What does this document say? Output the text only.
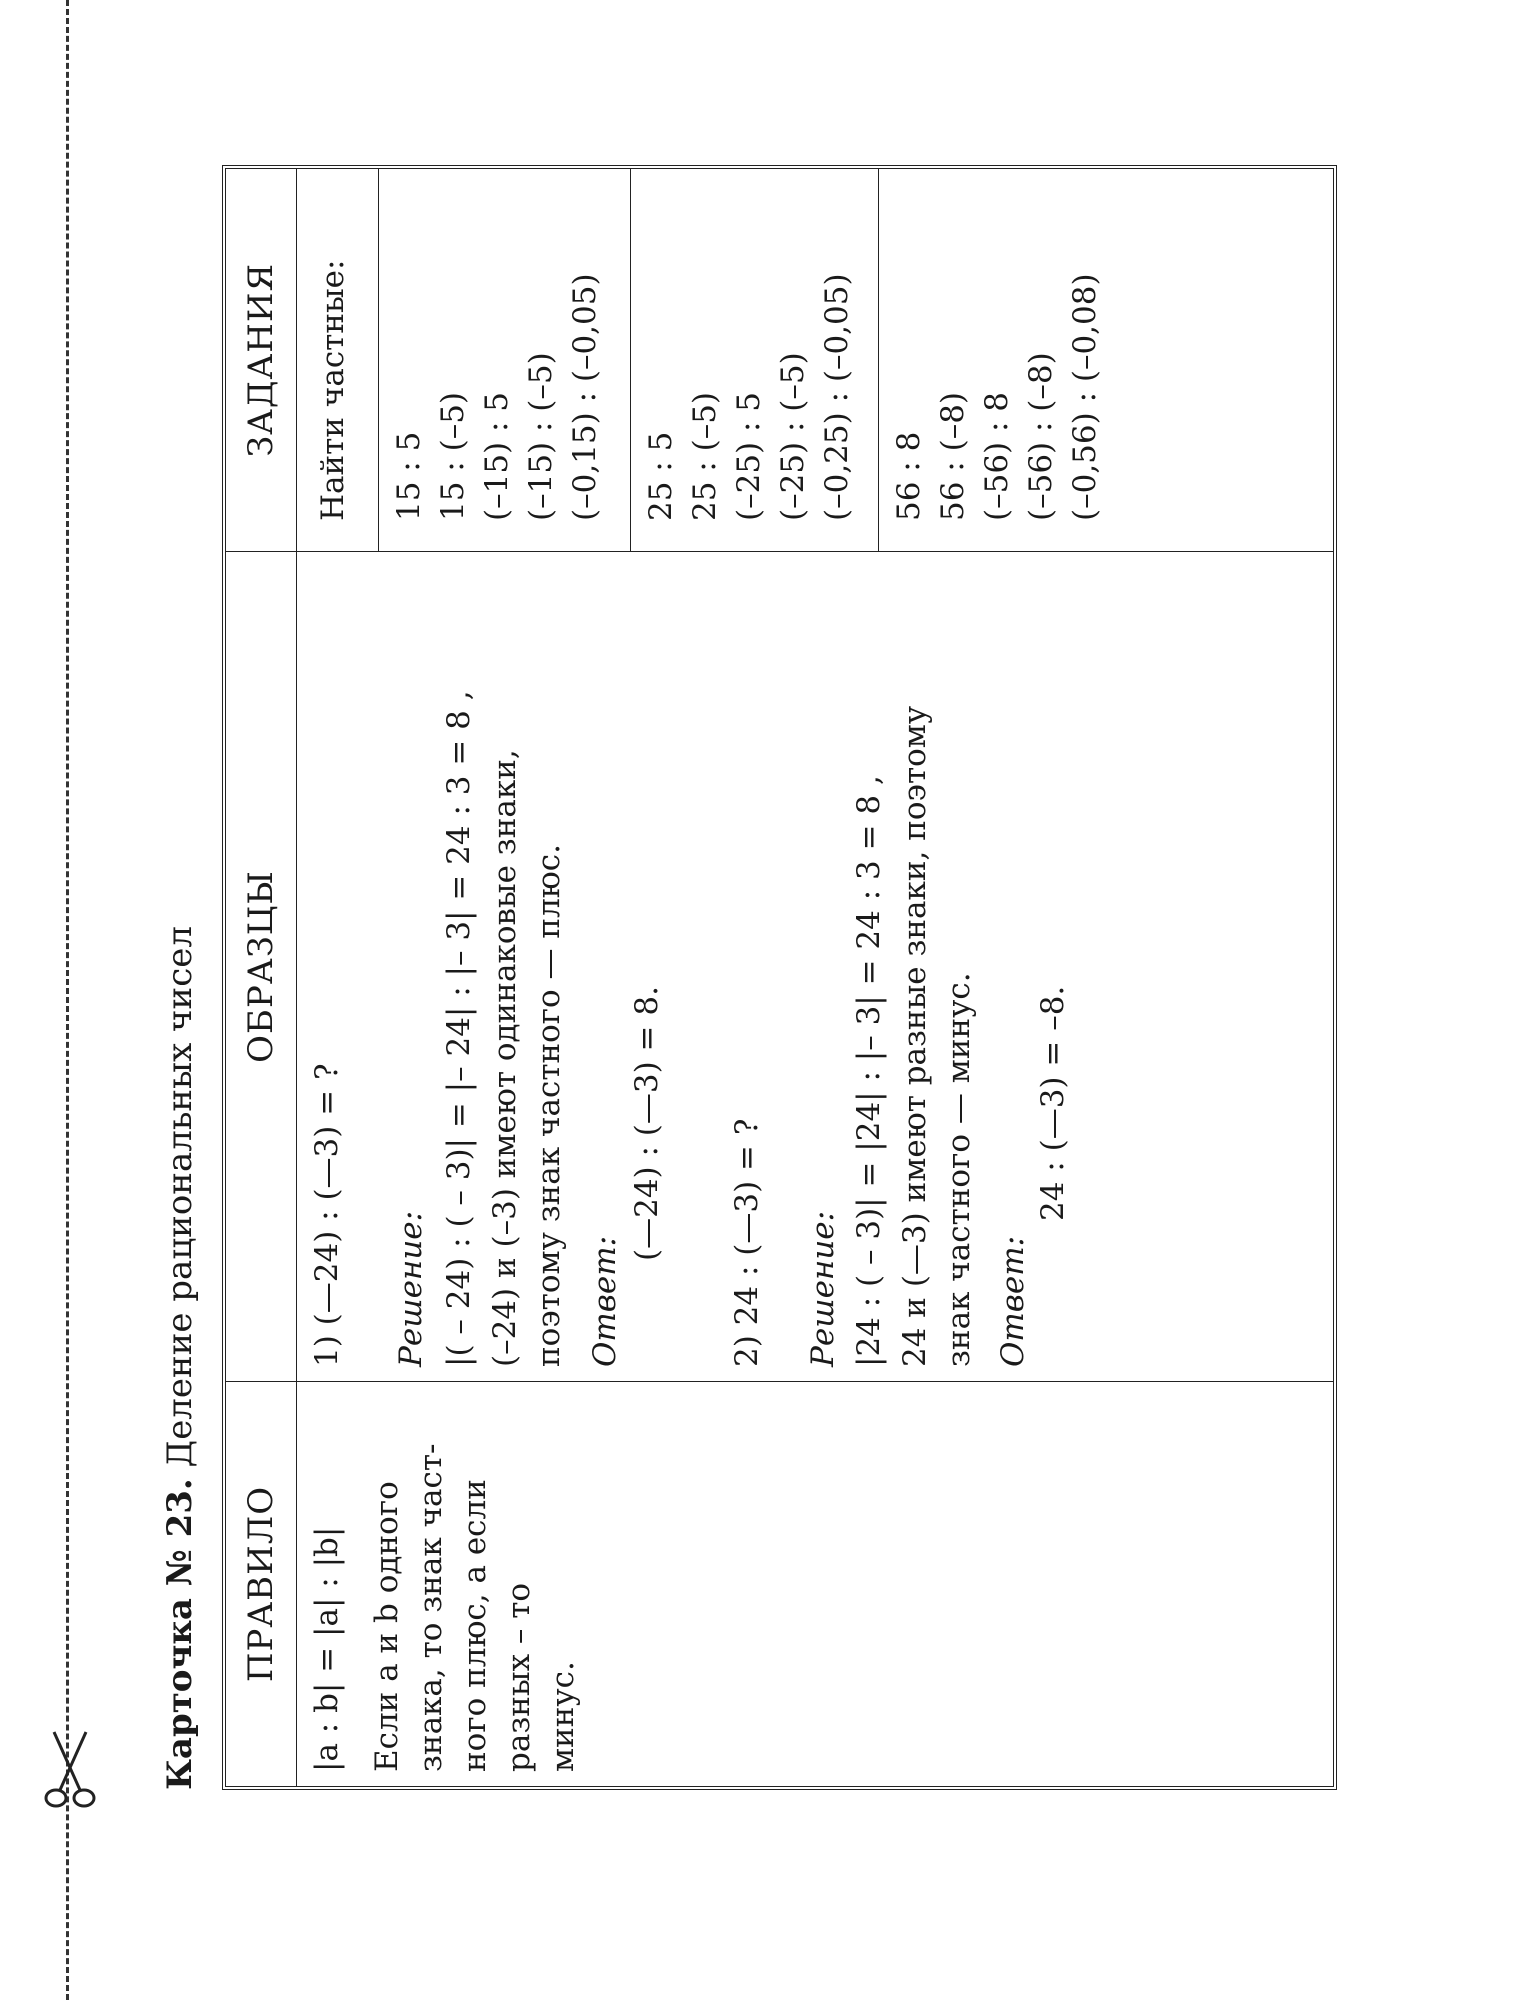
Карточка № 23. Деление рациональных чисел
ПРАВИЛО |a : b| = |a| : |b| Если a и b одного знака, то знак част- ного плюс, а если разных – то минус.
ОБРАЗЦЫ
1) (—24) : (—3) = ? Решение: |( – 24) : ( – 3)| = |– 24| : |– 3| = 24 : 3 = 8 , (–24) и (–3) имеют одинаковые знаки, поэтому знак частного — плюс. Ответ:
(—24) : (—3) = 8. 2) 24 : (—3) = ? Решение: |24 : ( – 3)| = |24| : |– 3| = 24 : 3 = 8 , 24 и (—3) имеют разные знаки, поэтому знак частного — минус. Ответ:
24 : (—3) = –8.
ЗАДАНИЯ	Найти частные: 15 : 5 15 : (–5) (–15) : 5 (–15) : (–5) (–0,15) : (–0,05) 25 : 5 25 : (–5) (–25) : 5 (–25) : (–5) (–0,25) : (–0,05) 56 : 8 56 : (–8) (–56) : 8 (–56) : (–8) (–0,56) : (–0,08)
